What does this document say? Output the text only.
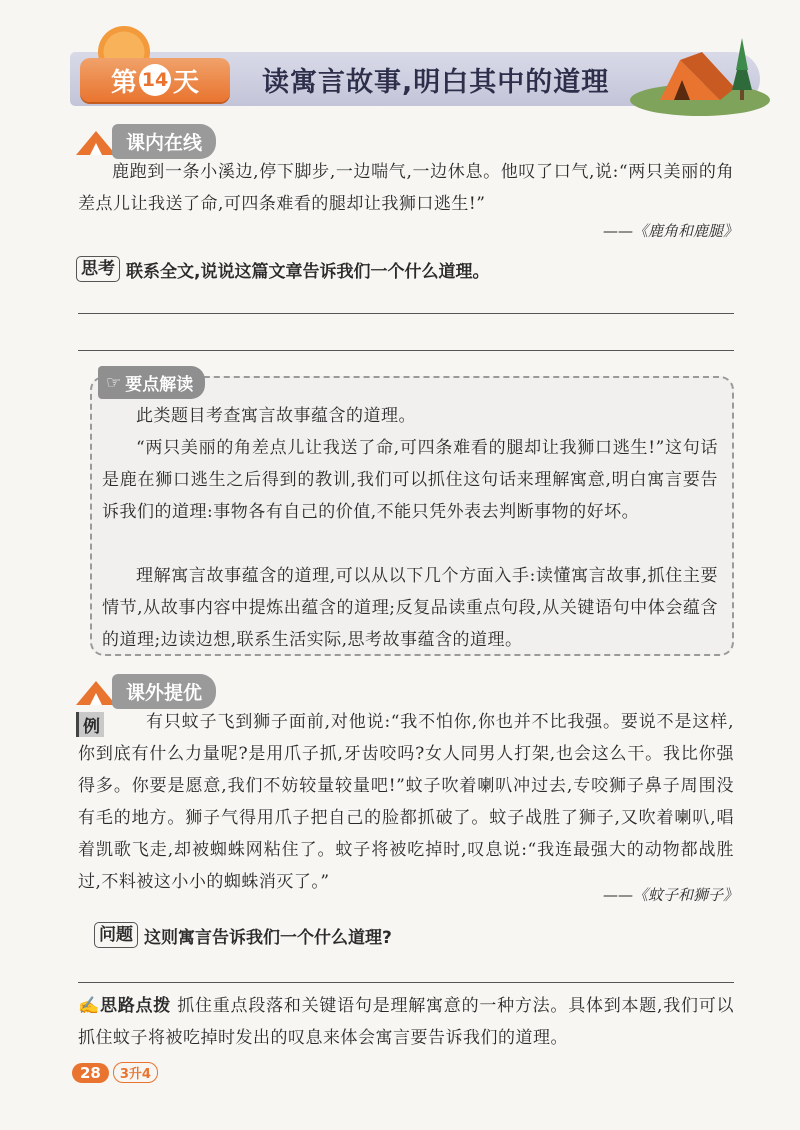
第 14 天 读寓言故事,明白其中的道理
课内在线
鹿跑到一条小溪边,停下脚步,一边喘气,一边休息。他叹了口气,说:“两只美丽的角差点儿让我送了命,可四条难看的腿却让我狮口逃生!”
——《鹿角和鹿腿》
思考 联系全文,说说这篇文章告诉我们一个什么道理。
☞ 要点解读
此类题目考查寓言故事蕴含的道理。
“两只美丽的角差点儿让我送了命,可四条难看的腿却让我狮口逃生!”这句话是鹿在狮口逃生之后得到的教训,我们可以抓住这句话来理解寓意,明白寓言要告诉我们的道理:事物各有自己的价值,不能只凭外表去判断事物的好坏。
理解寓言故事蕴含的道理,可以从以下几个方面入手:读懂寓言故事,抓住主要情节,从故事内容中提炼出蕴含的道理;反复品读重点句段,从关键语句中体会蕴含的道理;边读边想,联系生活实际,思考故事蕴含的道理。
课外提优
例	有只蚊子飞到狮子面前,对他说:“我不怕你,你也并不比我强。要说不是这样,你到底有什么力量呢?是用爪子抓,牙齿咬吗?女人同男人打架,也会这么干。我比你强得多。你要是愿意,我们不妨较量较量吧!”蚊子吹着喇叭冲过去,专咬狮子鼻子周围没有毛的地方。狮子气得用爪子把自己的脸都抓破了。蚊子战胜了狮子,又吹着喇叭,唱着凯歌飞走,却被蜘蛛网粘住了。蚊子将被吃掉时,叹息说:“我连最强大的动物都战胜过,不料被这小小的蜘蛛消灭了。”
——《蚊子和狮子》
问题 这则寓言告诉我们一个什么道理?
✍思路点拨 抓住重点段落和关键语句是理解寓意的一种方法。具体到本题,我们可以抓住蚊子将被吃掉时发出的叹息来体会寓言要告诉我们的道理。
28	3升4
